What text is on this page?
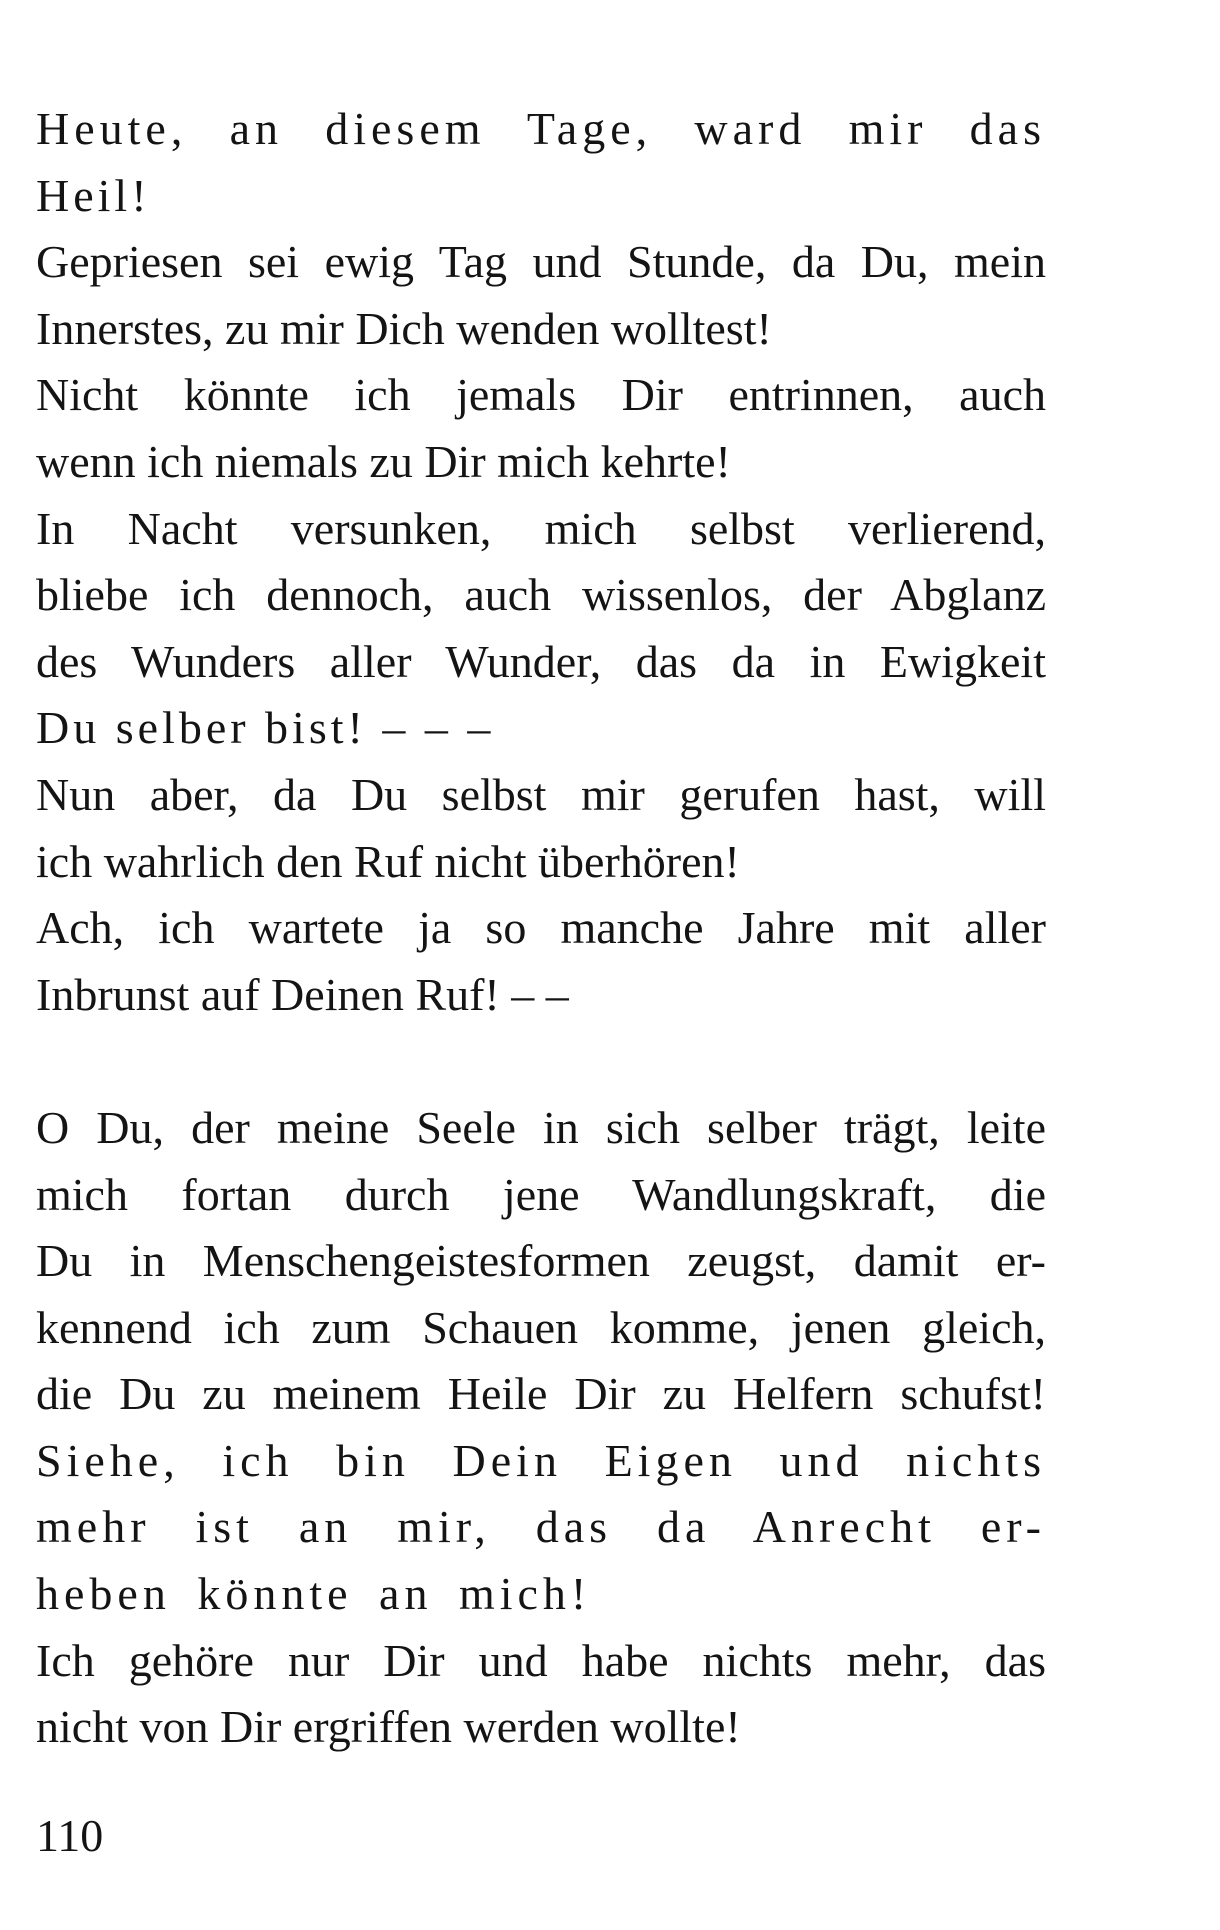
Heute, an diesem Tage, ward mir das
Heil!
Gepriesen sei ewig Tag und Stunde, da Du, mein
Innerstes, zu mir Dich wenden wolltest!
Nicht könnte ich jemals Dir entrinnen, auch
wenn ich niemals zu Dir mich kehrte!
In Nacht versunken, mich selbst verlierend,
bliebe ich dennoch, auch wissenlos, der Abglanz
des Wunders aller Wunder, das da in Ewigkeit
Du selber bist! – – –
Nun aber, da Du selbst mir gerufen hast, will
ich wahrlich den Ruf nicht überhören!
Ach, ich wartete ja so manche Jahre mit aller
Inbrunst auf Deinen Ruf! – –
O Du, der meine Seele in sich selber trägt, leite
mich fortan durch jene Wandlungskraft, die
Du in Menschengeistesformen zeugst, damit er-
kennend ich zum Schauen komme, jenen gleich,
die Du zu meinem Heile Dir zu Helfern schufst!
Siehe, ich bin Dein Eigen und nichts
mehr ist an mir, das da Anrecht er-
heben könnte an mich!
Ich gehöre nur Dir und habe nichts mehr, das
nicht von Dir ergriffen werden wollte!
110
